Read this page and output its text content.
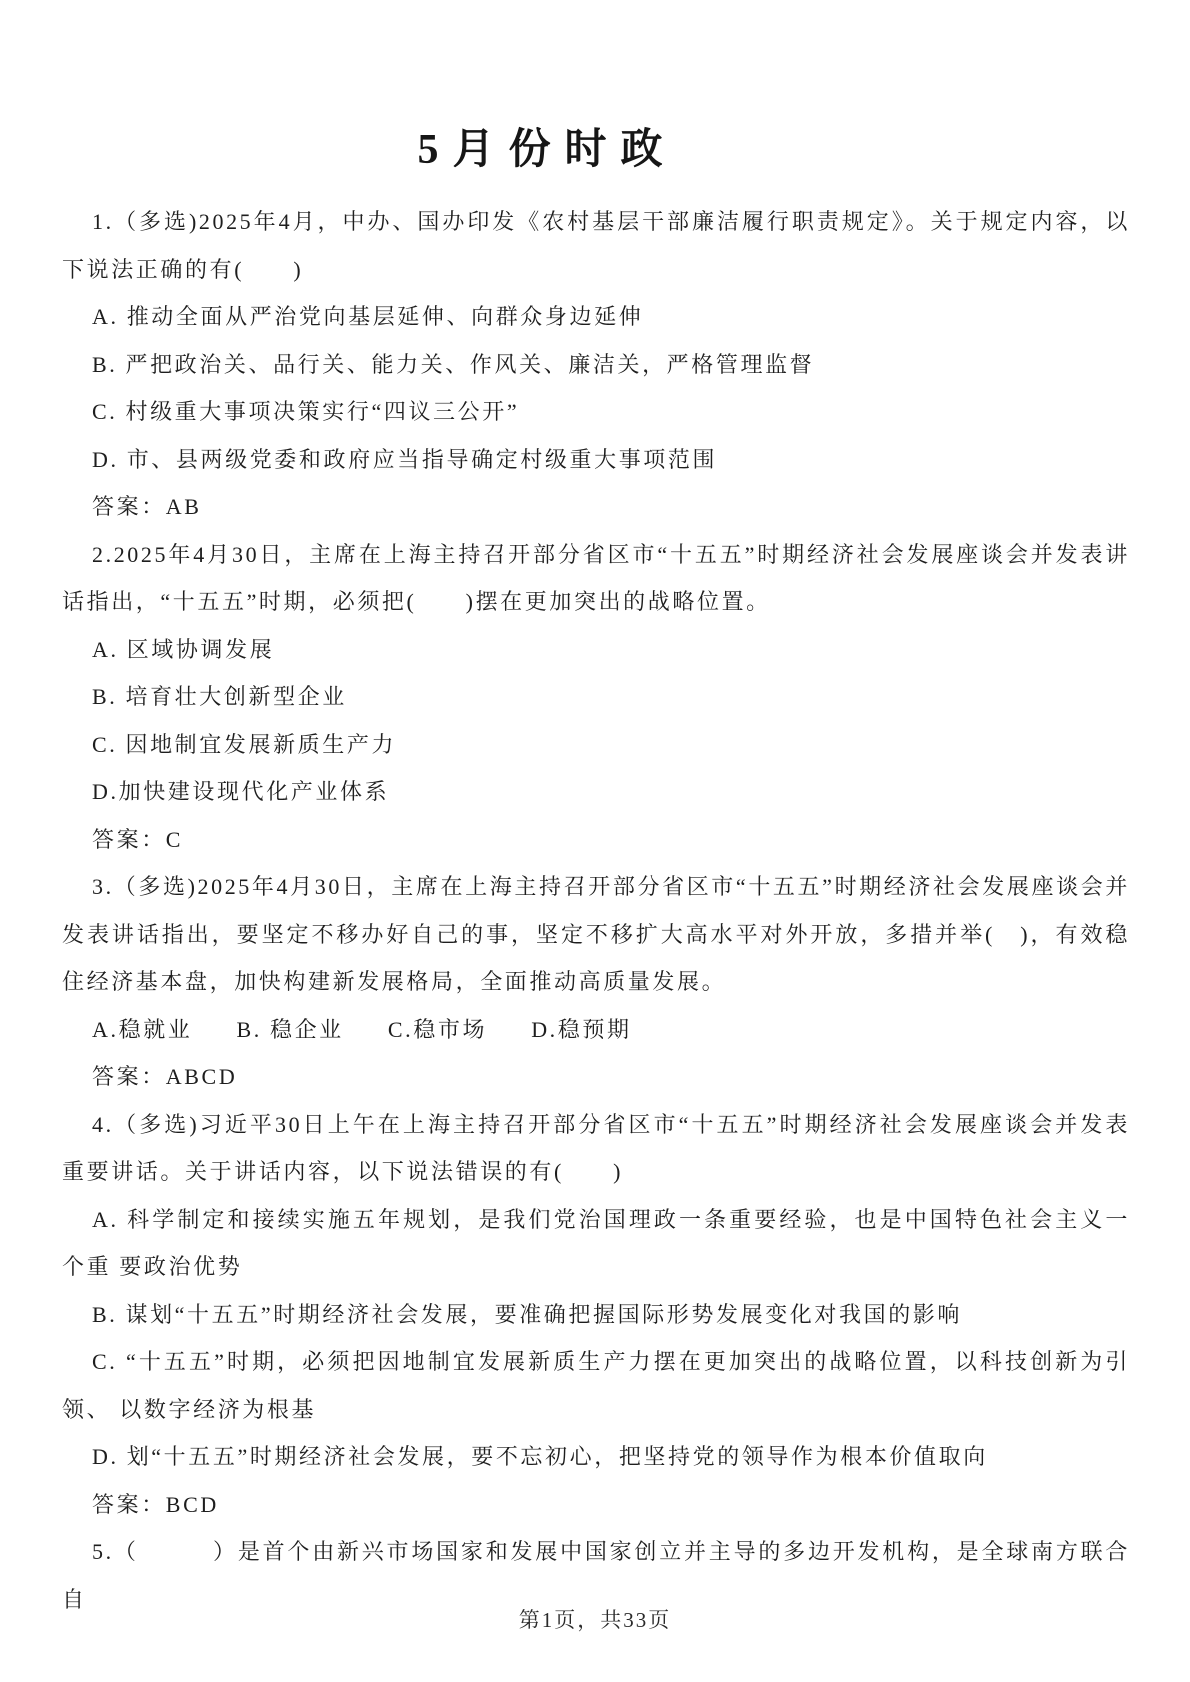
5月份时政

1.（多选)2025年4月，中办、国办印发《农村基层干部廉洁履行职责规定》。关于规定内容，以下说法正确的有(　　)

A. 推动全面从严治党向基层延伸、向群众身边延伸

B. 严把政治关、品行关、能力关、作风关、廉洁关，严格管理监督

C. 村级重大事项决策实行“四议三公开”

D. 市、县两级党委和政府应当指导确定村级重大事项范围

答案：AB

2.2025年4月30日，主席在上海主持召开部分省区市“十五五”时期经济社会发展座谈会并发表讲话指出，“十五五”时期，必须把(　　)摆在更加突出的战略位置。

A. 区域协调发展

B. 培育壮大创新型企业

C. 因地制宜发展新质生产力

D.加快建设现代化产业体系

答案：C

3.（多选)2025年4月30日，主席在上海主持召开部分省区市“十五五”时期经济社会发展座谈会并发表讲话指出，要坚定不移办好自己的事，坚定不移扩大高水平对外开放，多措并举(　)，有效稳住经济基本盘，加快构建新发展格局，全面推动高质量发展。

A.稳就业 B. 稳企业 C.稳市场 D.稳预期

答案：ABCD

4.（多选)习近平30日上午在上海主持召开部分省区市“十五五”时期经济社会发展座谈会并发表重要讲话。关于讲话内容，以下说法错误的有(　　)

A. 科学制定和接续实施五年规划，是我们党治国理政一条重要经验，也是中国特色社会主义一个重 要政治优势

B. 谋划“十五五”时期经济社会发展，要准确把握国际形势发展变化对我国的影响

C. “十五五”时期，必须把因地制宜发展新质生产力摆在更加突出的战略位置，以科技创新为引领、 以数字经济为根基

D. 划“十五五”时期经济社会发展，要不忘初心，把坚持党的领导作为根本价值取向

答案：BCD

5.（　　　）是首个由新兴市场国家和发展中国家创立并主导的多边开发机构，是全球南方联合自

第1页，共33页
